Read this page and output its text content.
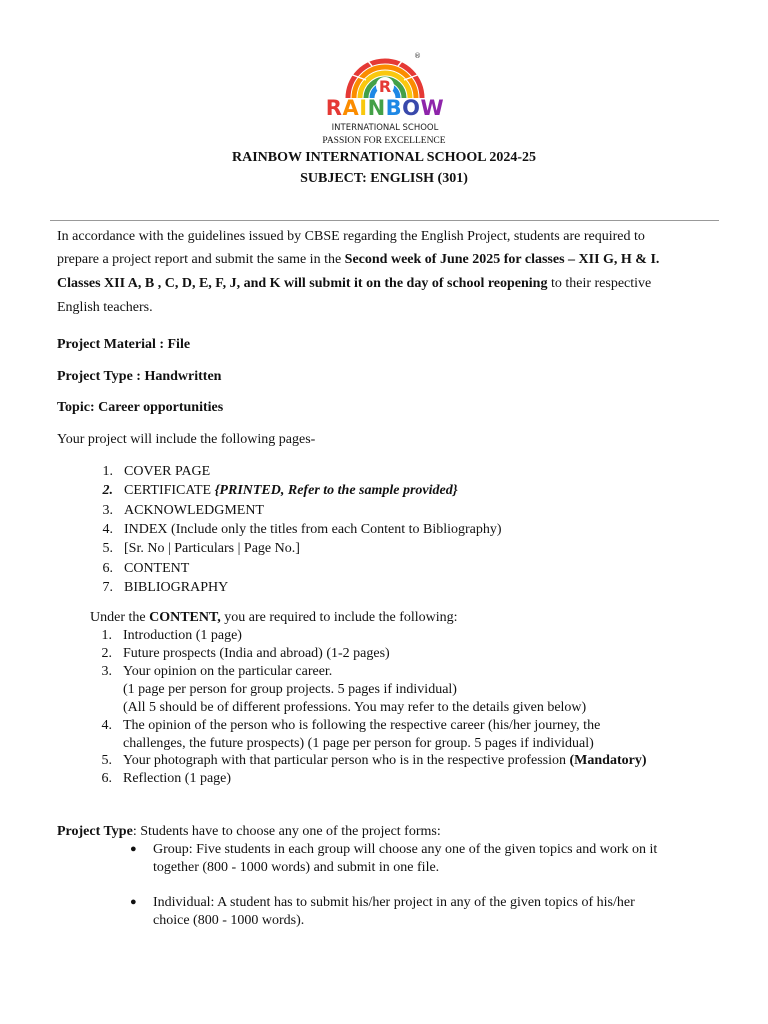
R
®
RAINBOW
INTERNATIONAL SCHOOL
PASSION FOR EXCELLENCE
RAINBOW INTERNATIONAL SCHOOL 2024-25
SUBJECT: ENGLISH (301)
In accordance with the guidelines issued by CBSE regarding the English Project, students are required to
prepare a project report and submit the same in the Second week of June 2025 for classes – XII G, H & I.
Classes XII A, B , C, D, E, F, J, and K will submit it on the day of school reopening to their respective
English teachers.
Project Material : File
Project Type : Handwritten
Topic: Career opportunities
Your project will include the following pages-
1. COVER PAGE
2. CERTIFICATE {PRINTED, Refer to the sample provided}
3. ACKNOWLEDGMENT
4. INDEX (Include only the titles from each Content to Bibliography)
5. [Sr. No | Particulars | Page No.]
6. CONTENT
7. BIBLIOGRAPHY
Under the CONTENT, you are required to include the following:
1. Introduction (1 page)
2. Future prospects (India and abroad) (1-2 pages)
3. Your opinion on the particular career.
(1 page per person for group projects. 5 pages if individual)
(All 5 should be of different professions. You may refer to the details given below)
4. The opinion of the person who is following the respective career (his/her journey, the
challenges, the future prospects) (1 page per person for group. 5 pages if individual)
5. Your photograph with that particular person who is in the respective profession (Mandatory)
6. Reflection (1 page)
Project Type: Students have to choose any one of the project forms:
● Group: Five students in each group will choose any one of the given topics and work on it
together (800 - 1000 words) and submit in one file.
● Individual: A student has to submit his/her project in any of the given topics of his/her
choice (800 - 1000 words).
